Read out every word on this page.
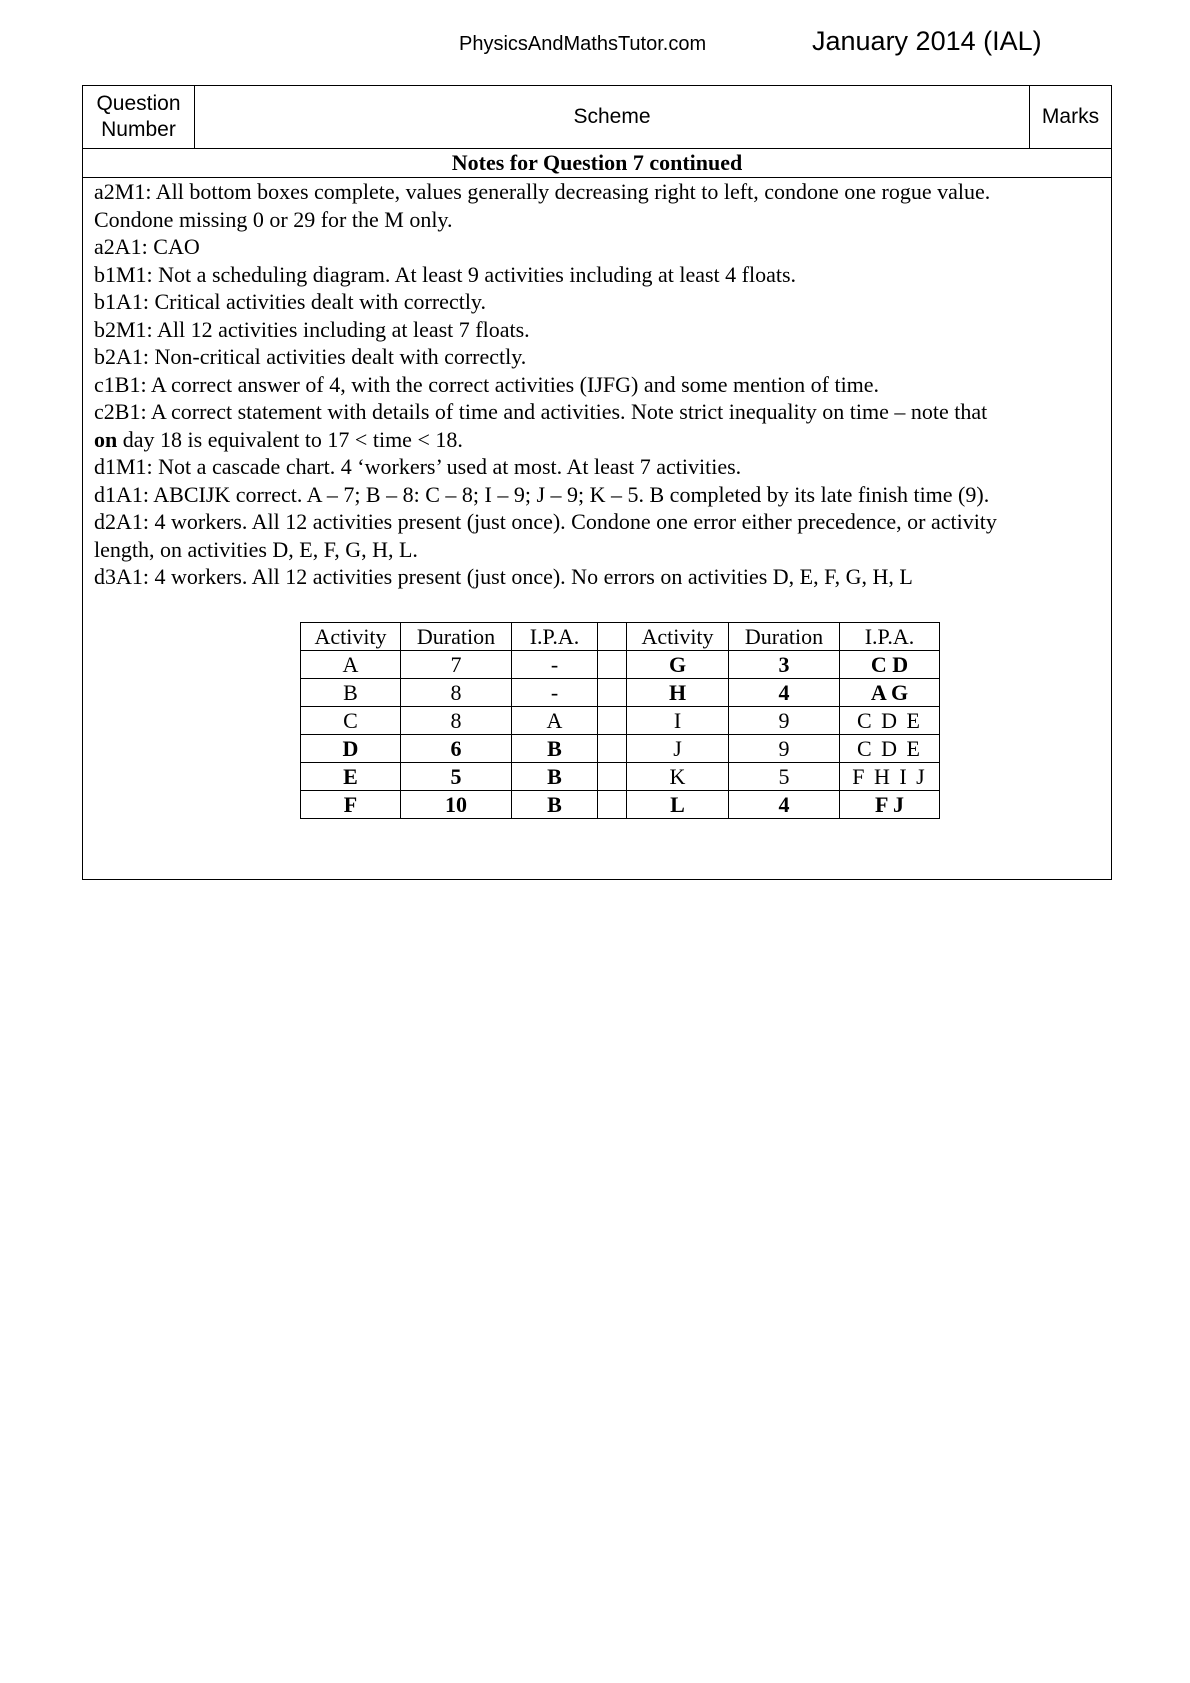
PhysicsAndMathsTutor.com	January 2014 (IAL)
Question
Number
Scheme	Marks
Notes for Question 7 continued
a2M1: All bottom boxes complete, values generally decreasing right to left, condone one rogue value.
Condone missing 0 or 29 for the M only.
a2A1: CAO
b1M1: Not a scheduling diagram. At least 9 activities including at least 4 floats.
b1A1: Critical activities dealt with correctly.
b2M1: All 12 activities including at least 7 floats.
b2A1: Non-critical activities dealt with correctly.
c1B1: A correct answer of 4, with the correct activities (IJFG) and some mention of time.
c2B1: A correct statement with details of time and activities. Note strict inequality on time – note that
on day 18 is equivalent to 17 < time < 18.
d1M1: Not a cascade chart. 4 ‘workers’ used at most. At least 7 activities.
d1A1: ABCIJK correct. A – 7; B – 8: C – 8; I – 9; J – 9; K – 5. B completed by its late finish time (9).
d2A1: 4 workers. All 12 activities present (just once). Condone one error either precedence, or activity
length, on activities D, E, F, G, H, L.
d3A1: 4 workers. All 12 activities present (just once). No errors on activities D, E, F, G, H, L
Activity	Duration	I.P.A.		Activity	Duration	I.P.A.
A	7	-		G	3	C D
B	8	-		H	4	A G
C	8	A		I	9	C D E
D	6	B		J	9	C D E
E	5	B		K	5	F H I J
F	10	B		L	4	F J
